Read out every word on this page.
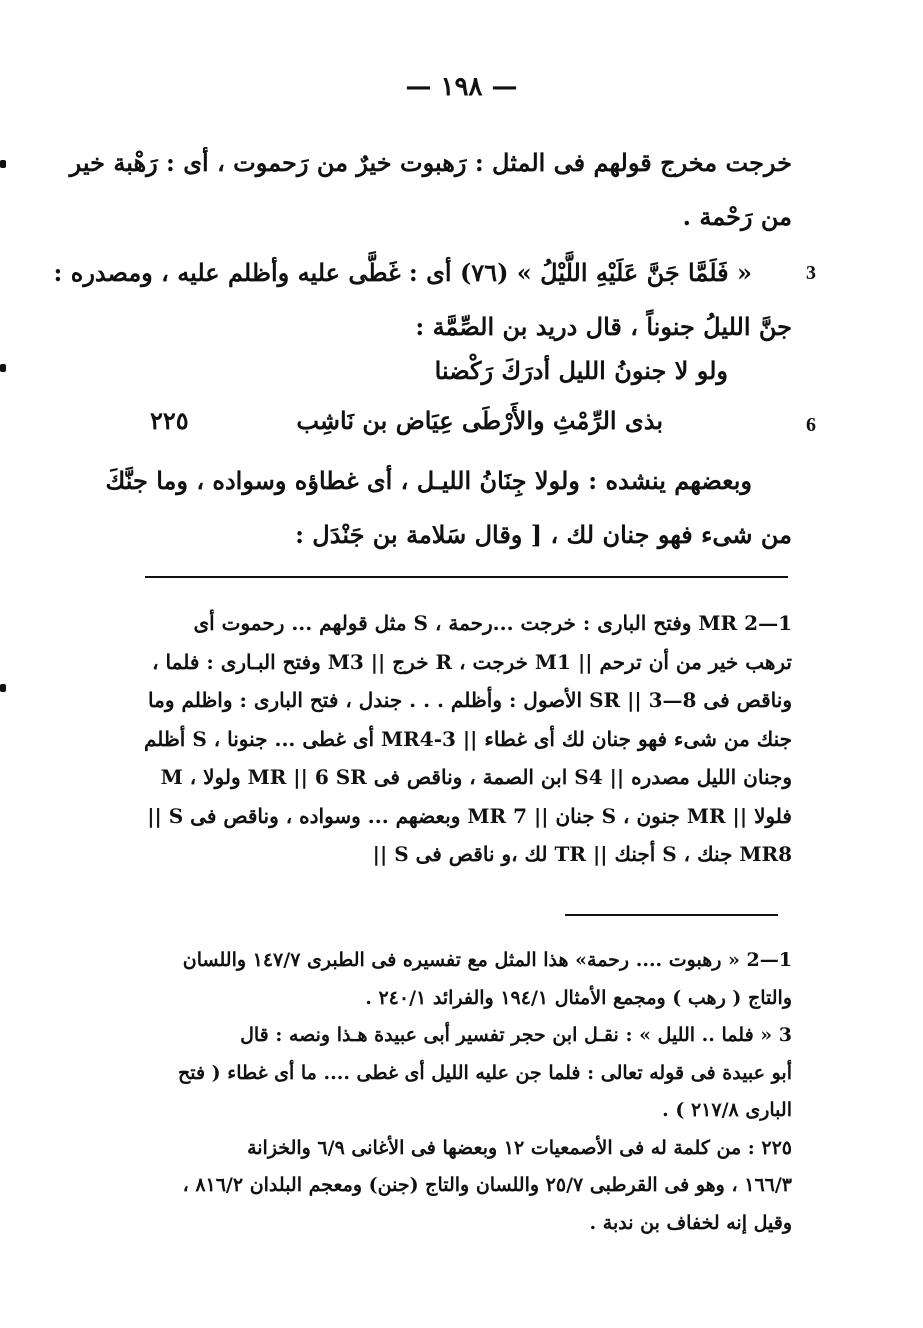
— ١٩٨ —
3
6
خرجت مخرج قولهم فى المثل : رَهبوت خيرٌ من رَحموت ، أى : رَهْبة خير
من رَحْمة .
« فَلَمَّا جَنَّ عَلَيْهِ اللَّيْلُ » (٧٦) أى : غَطَّى عليه وأظلم عليه ، ومصدره :
جنَّ الليلُ جنوناً ، قال دريد بن الصِّمَّة :
ولو لا جنونُ الليل أدرَكَ رَكْضنا
بذى الرِّمْثِ والأَرْطَى عِيَاض بن نَاشِب
٢٢٥
وبعضهم ينشده : ولولا جِنَانُ الليـل ، أى غطاؤه وسواده ، وما جنَّكَ
من شىء فهو جنان لك ، [ وقال سَلامة بن جَنْدَل :
1—2 MR وفتح البارى : خرجت ...رحمة ، S مثل قولهم ... رحموت أى
ترهب خير من أن ترحم || M1 خرجت ، R خرج || M3 وفتح البـارى : فلما ،
وناقص فى SR || 3—8 الأصول : وأظلم . . . جندل ، فتح البارى : واظلم وما
جنك من شىء فهو جنان لك أى غطاء || MR4-3 أى غطى ... جنونا ، S أظلم
وجنان الليل مصدره || S4 ابن الصمة ، وناقص فى MR || 6 SR ولولا ، M
فلولا || MR جنون ، S جنان || MR 7 وبعضهم ... وسواده ، وناقص فى S ||
MR8 جنك ، S أجنك || TR لك ،و ناقص فى S ||
1—2 « رهبوت .... رحمة» هذا المثل مع تفسيره فى الطبرى ١٤٧/٧ واللسان
والتاج ( رهب ) ومجمع الأمثال ١٩٤/١ والفرائد ٢٤٠/١ .
3 « فلما .. الليل » : نقـل ابن حجر تفسير أبى عبيدة هـذا ونصه : قال
أبو عبيدة فى قوله تعالى : فلما جن عليه الليل أى غطى .... ما أى غطاء ( فتح
البارى ٢١٧/٨ ) .
٢٢٥ : من كلمة له فى الأصمعيات ١٢ وبعضها فى الأغانى ٦/٩ والخزانة
١٦٦/٣ ، وهو فى القرطبى ٢٥/٧ واللسان والتاج (جنن) ومعجم البلدان ٨١٦/٢ ،
وقيل إنه لخفاف بن ندبة .
